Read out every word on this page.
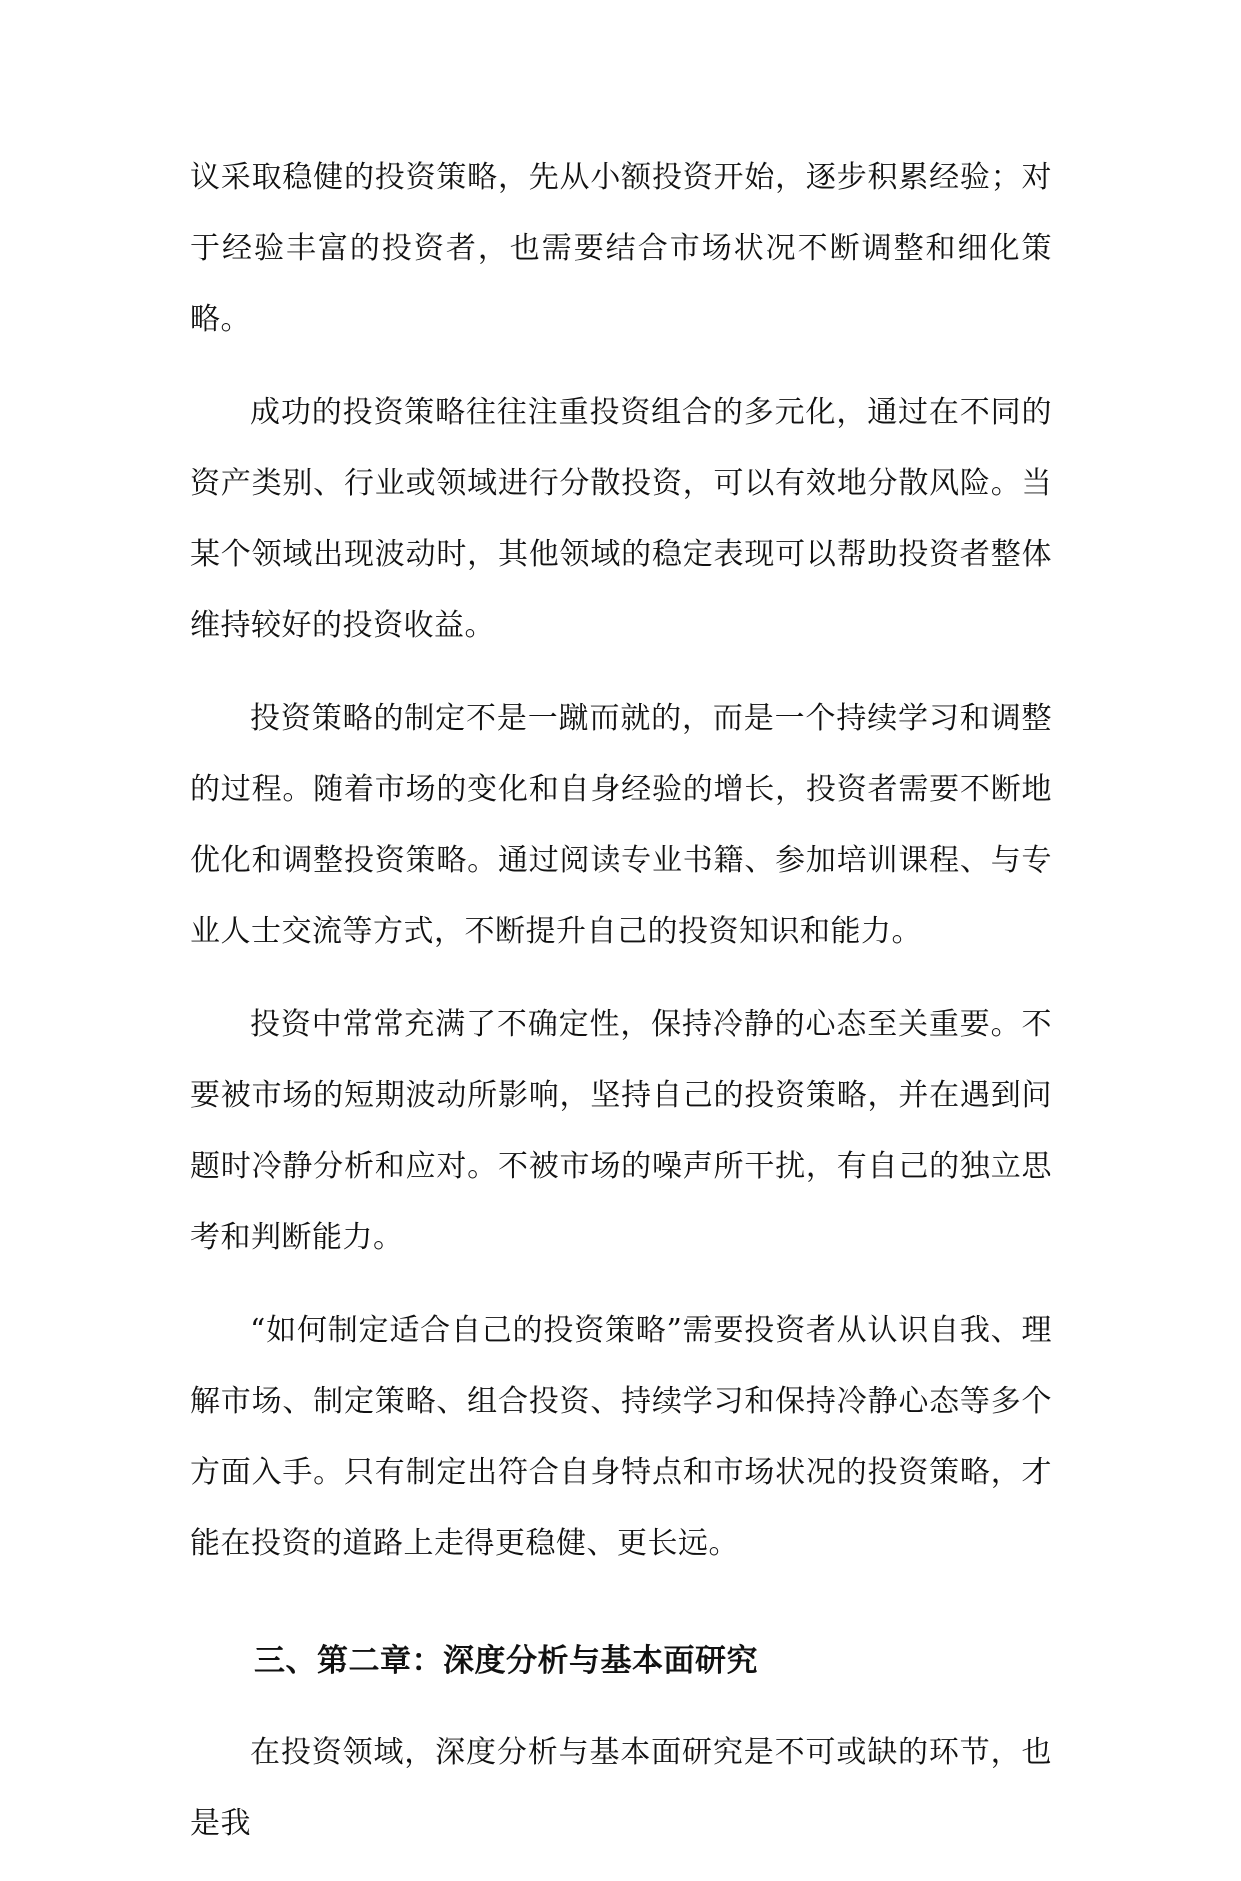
议采取稳健的投资策略，先从小额投资开始，逐步积累经验；对于经验丰富的投资者，也需要结合市场状况不断调整和细化策略。

成功的投资策略往往注重投资组合的多元化，通过在不同的资产类别、行业或领域进行分散投资，可以有效地分散风险。当某个领域出现波动时，其他领域的稳定表现可以帮助投资者整体维持较好的投资收益。

投资策略的制定不是一蹴而就的，而是一个持续学习和调整的过程。随着市场的变化和自身经验的增长，投资者需要不断地优化和调整投资策略。通过阅读专业书籍、参加培训课程、与专业人士交流等方式，不断提升自己的投资知识和能力。

投资中常常充满了不确定性，保持冷静的心态至关重要。不要被市场的短期波动所影响，坚持自己的投资策略，并在遇到问题时冷静分析和应对。不被市场的噪声所干扰，有自己的独立思考和判断能力。

“如何制定适合自己的投资策略”需要投资者从认识自我、理解市场、制定策略、组合投资、持续学习和保持冷静心态等多个方面入手。只有制定出符合自身特点和市场状况的投资策略，才能在投资的道路上走得更稳健、更长远。

三、第二章：深度分析与基本面研究

在投资领域，深度分析与基本面研究是不可或缺的环节，也是我
